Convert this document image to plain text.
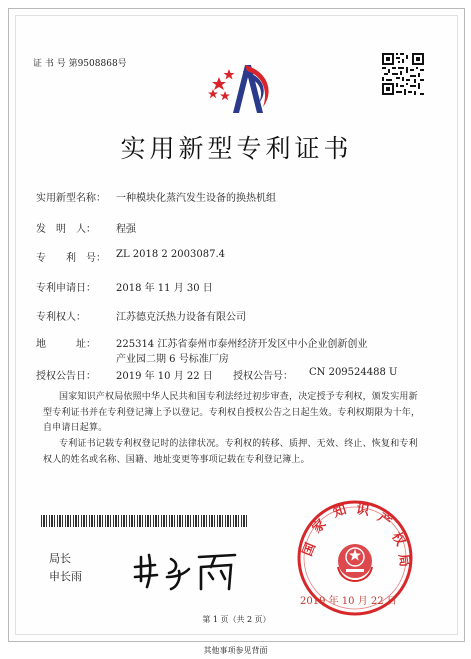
证 书 号 第9508868号
实用新型专利证书
实用新型名称： 一种模块化蒸汽发生设备的换热机组
发　明　人： 程强
专　　利　号： ZL 2018 2 2003087.4
专利申请日： 2018 年 11 月 30 日
专利权人：	江苏德克沃热力设备有限公司
地　　　址： 225314 江苏省泰州市泰州经济开发区中小企业创新创业
产业园二期 6 号标准厂房
授权公告日： 2019 年 10 月 22 日 授权公告号： CN 209524488 U
国家知识产权局依照中华人民共和国专利法经过初步审查，决定授予专利权，颁发实用新型专利证书并在专利登记簿上予以登记。专利权自授权公告之日起生效。专利权期限为十年，自申请日起算。
专利证书记载专利权登记时的法律状况。专利权的转移、质押、无效、终止、恢复和专利权人的姓名或名称、国籍、地址变更等事项记载在专利登记簿上。
局长
申长雨
国
家
知 识 产
权
局
2019 年 10 月 22 日
第 1 页（共 2 页）
其他事项参见背面
